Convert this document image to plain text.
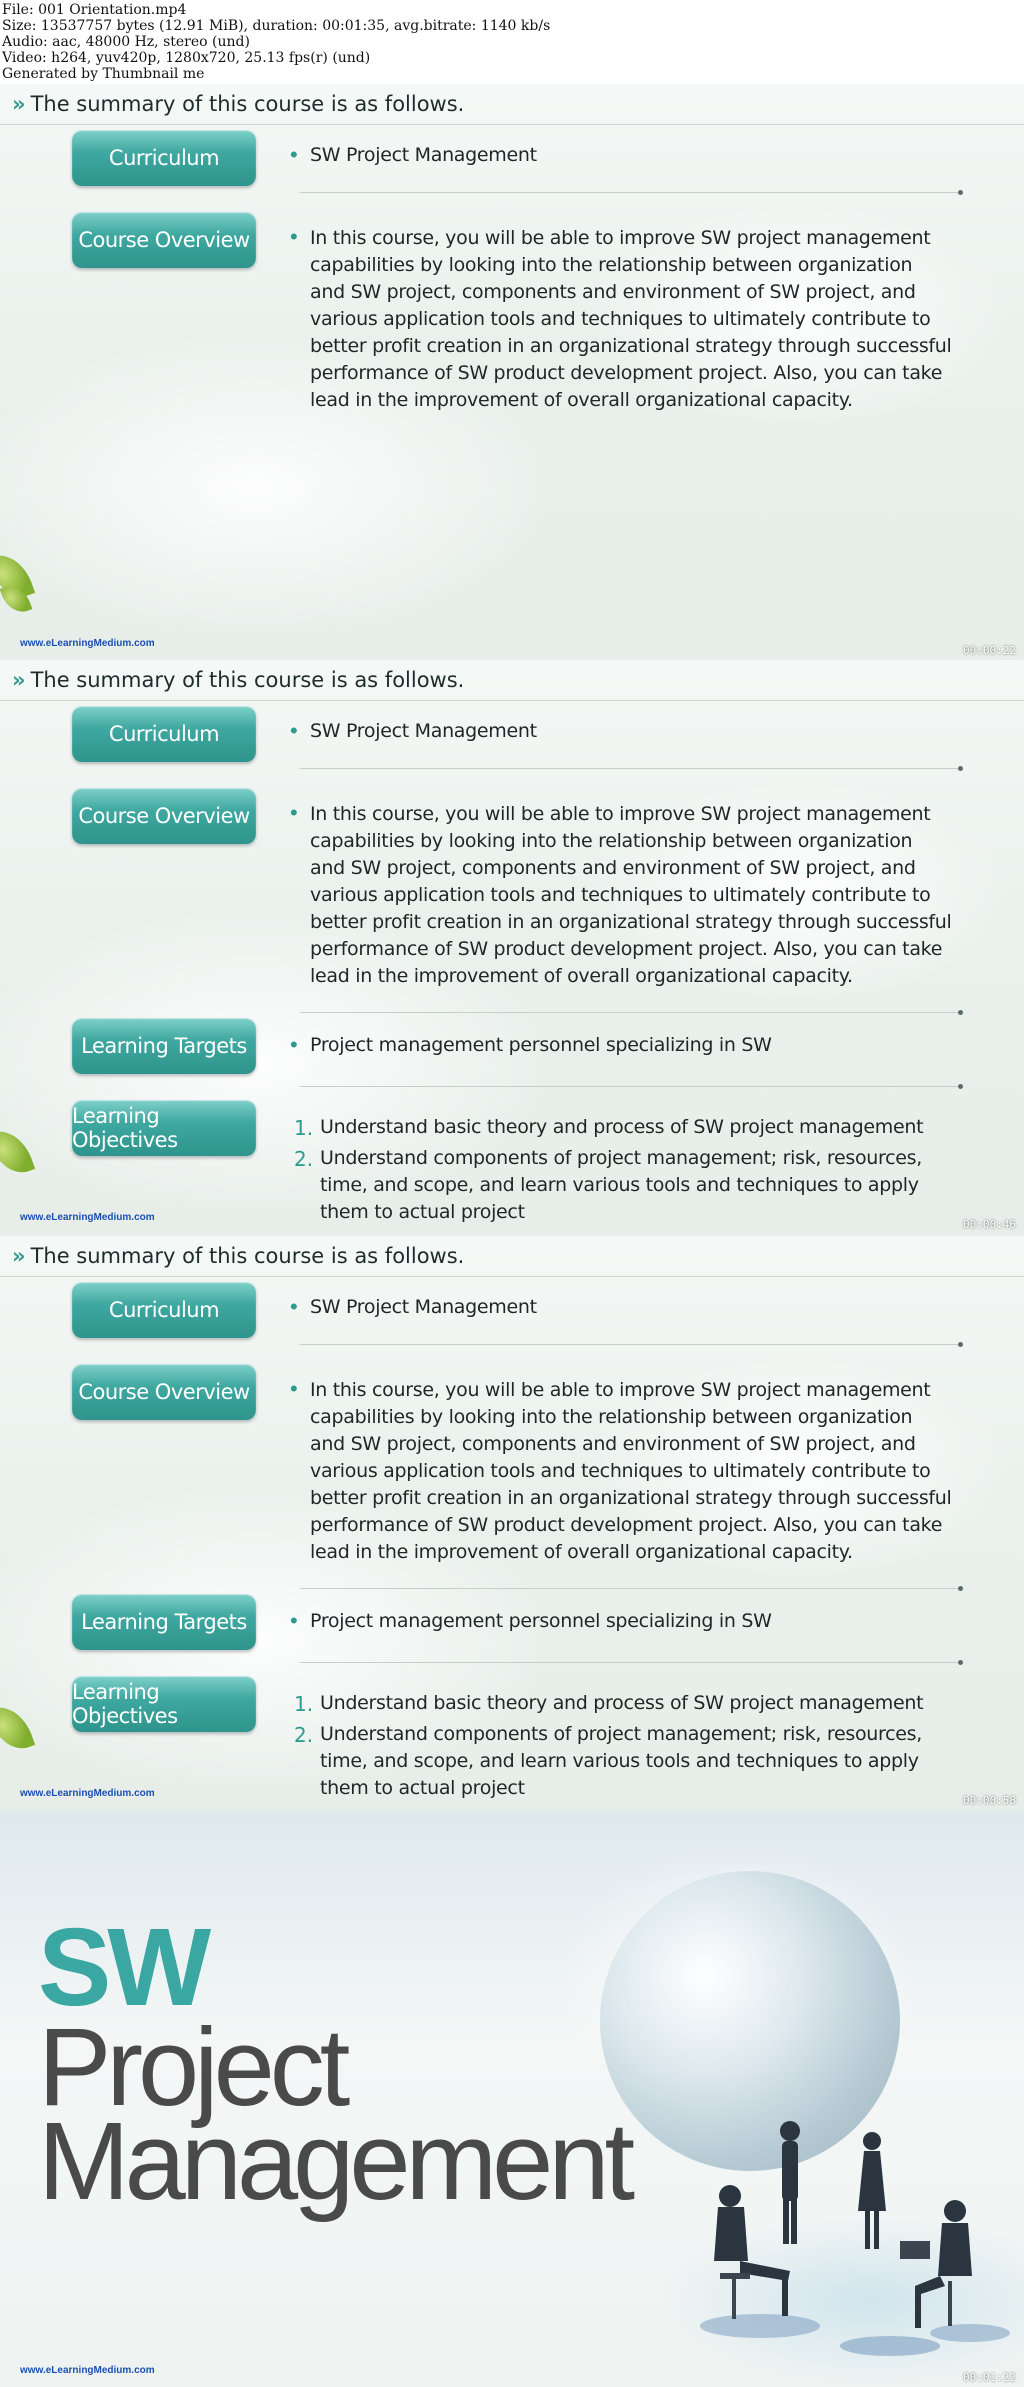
File: 001 Orientation.mp4
Size: 13537757 bytes (12.91 MiB), duration: 00:01:35, avg.bitrate: 1140 kb/s
Audio: aac, 48000 Hz, stereo (und)
Video: h264, yuv420p, 1280x720, 25.13 fps(r) (und)
Generated by Thumbnail me
» The summary of this course is as follows.
Curriculum	• SW Project Management
Course Overview • In this course, you will be able to improve SW project management
capabilities by looking into the relationship between organization
and SW project, components and environment of SW project, and
various application tools and techniques to ultimately contribute to
better profit creation in an organizational strategy through successful
performance of SW product development project. Also, you can take
lead in the improvement of overall organizational capacity.
www.eLearningMedium.com
00:00:22
» The summary of this course is as follows.
Curriculum	• SW Project Management
Course Overview • In this course, you will be able to improve SW project management
capabilities by looking into the relationship between organization
and SW project, components and environment of SW project, and
various application tools and techniques to ultimately contribute to
better profit creation in an organizational strategy through successful
performance of SW product development project. Also, you can take
lead in the improvement of overall organizational capacity.
Learning Targets	• Project management personnel specializing in SW
Learning Objectives	1. Understand basic theory and process of SW project management
2. Understand components of project management; risk, resources,
time, and scope, and learn various tools and techniques to apply
them to actual project
www.eLearningMedium.com
00:00:46
» The summary of this course is as follows.
Curriculum	• SW Project Management
Course Overview • In this course, you will be able to improve SW project management
capabilities by looking into the relationship between organization
and SW project, components and environment of SW project, and
various application tools and techniques to ultimately contribute to
better profit creation in an organizational strategy through successful
performance of SW product development project. Also, you can take
lead in the improvement of overall organizational capacity.
Learning Targets	• Project management personnel specializing in SW
Learning Objectives	1. Understand basic theory and process of SW project management
2. Understand components of project management; risk, resources,
time, and scope, and learn various tools and techniques to apply
them to actual project
www.eLearningMedium.com
00:00:58
SW
Project
Management
www.eLearningMedium.com
00:01:22
